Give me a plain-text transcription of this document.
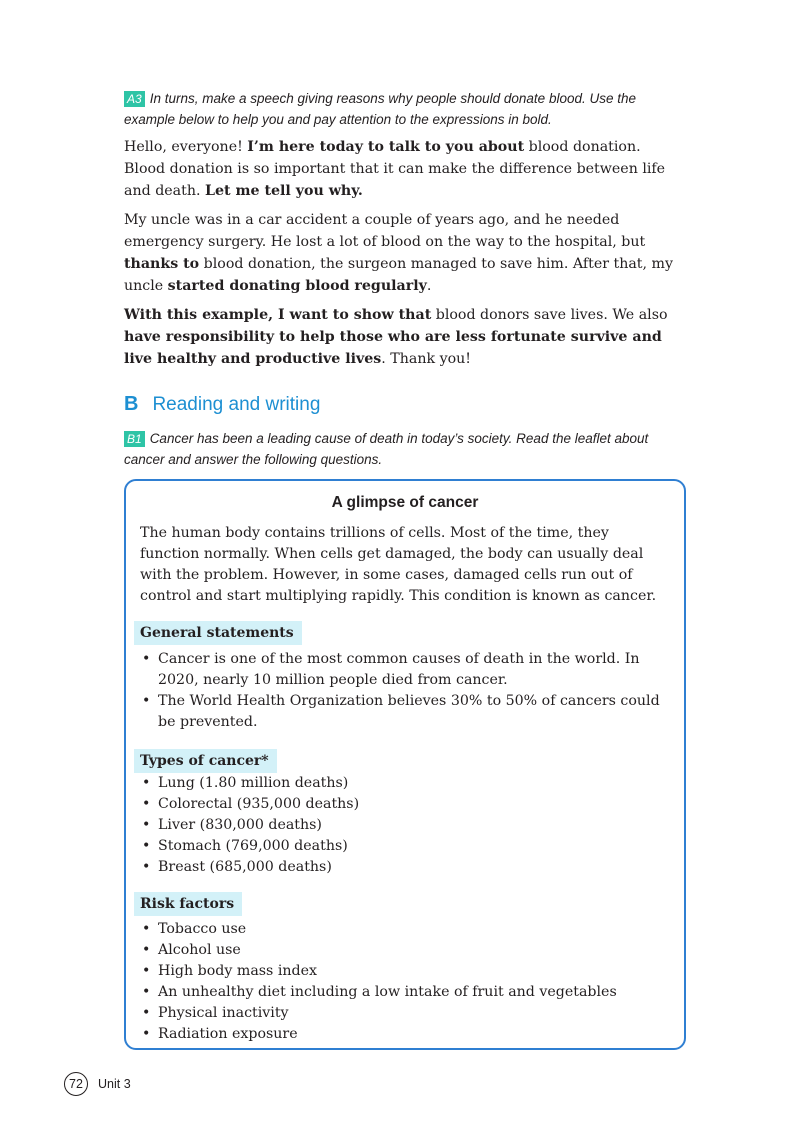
A3 In turns, make a speech giving reasons why people should donate blood. Use the example below to help you and pay attention to the expressions in bold.

Hello, everyone! I’m here today to talk to you about blood donation. Blood donation is so important that it can make the difference between life and death. Let me tell you why.

My uncle was in a car accident a couple of years ago, and he needed emergency surgery. He lost a lot of blood on the way to the hospital, but thanks to blood donation, the surgeon managed to save him. After that, my uncle started donating blood regularly.

With this example, I want to show that blood donors save lives. We also have responsibility to help those who are less fortunate survive and live healthy and productive lives. Thank you!

B Reading and writing
B1 Cancer has been a leading cause of death in today’s society. Read the leaflet about cancer and answer the following questions.
A glimpse of cancer
The human body contains trillions of cells. Most of the time, they function normally. When cells get damaged, the body can usually deal with the problem. However, in some cases, damaged cells run out of control and start multiplying rapidly. This condition is known as cancer.
General statements
• Cancer is one of the most common causes of death in the world. In 2020, nearly 10 million people died from cancer.
• The World Health Organization believes 30% to 50% of cancers could be prevented.
Types of cancer*
• Lung (1.80 million deaths)
• Colorectal (935,000 deaths)
• Liver (830,000 deaths)
• Stomach (769,000 deaths)
• Breast (685,000 deaths)
Risk factors
• Tobacco use
• Alcohol use
• High body mass index
• An unhealthy diet including a low intake of fruit and vegetables
• Physical inactivity
• Radiation exposure
72	Unit 3
